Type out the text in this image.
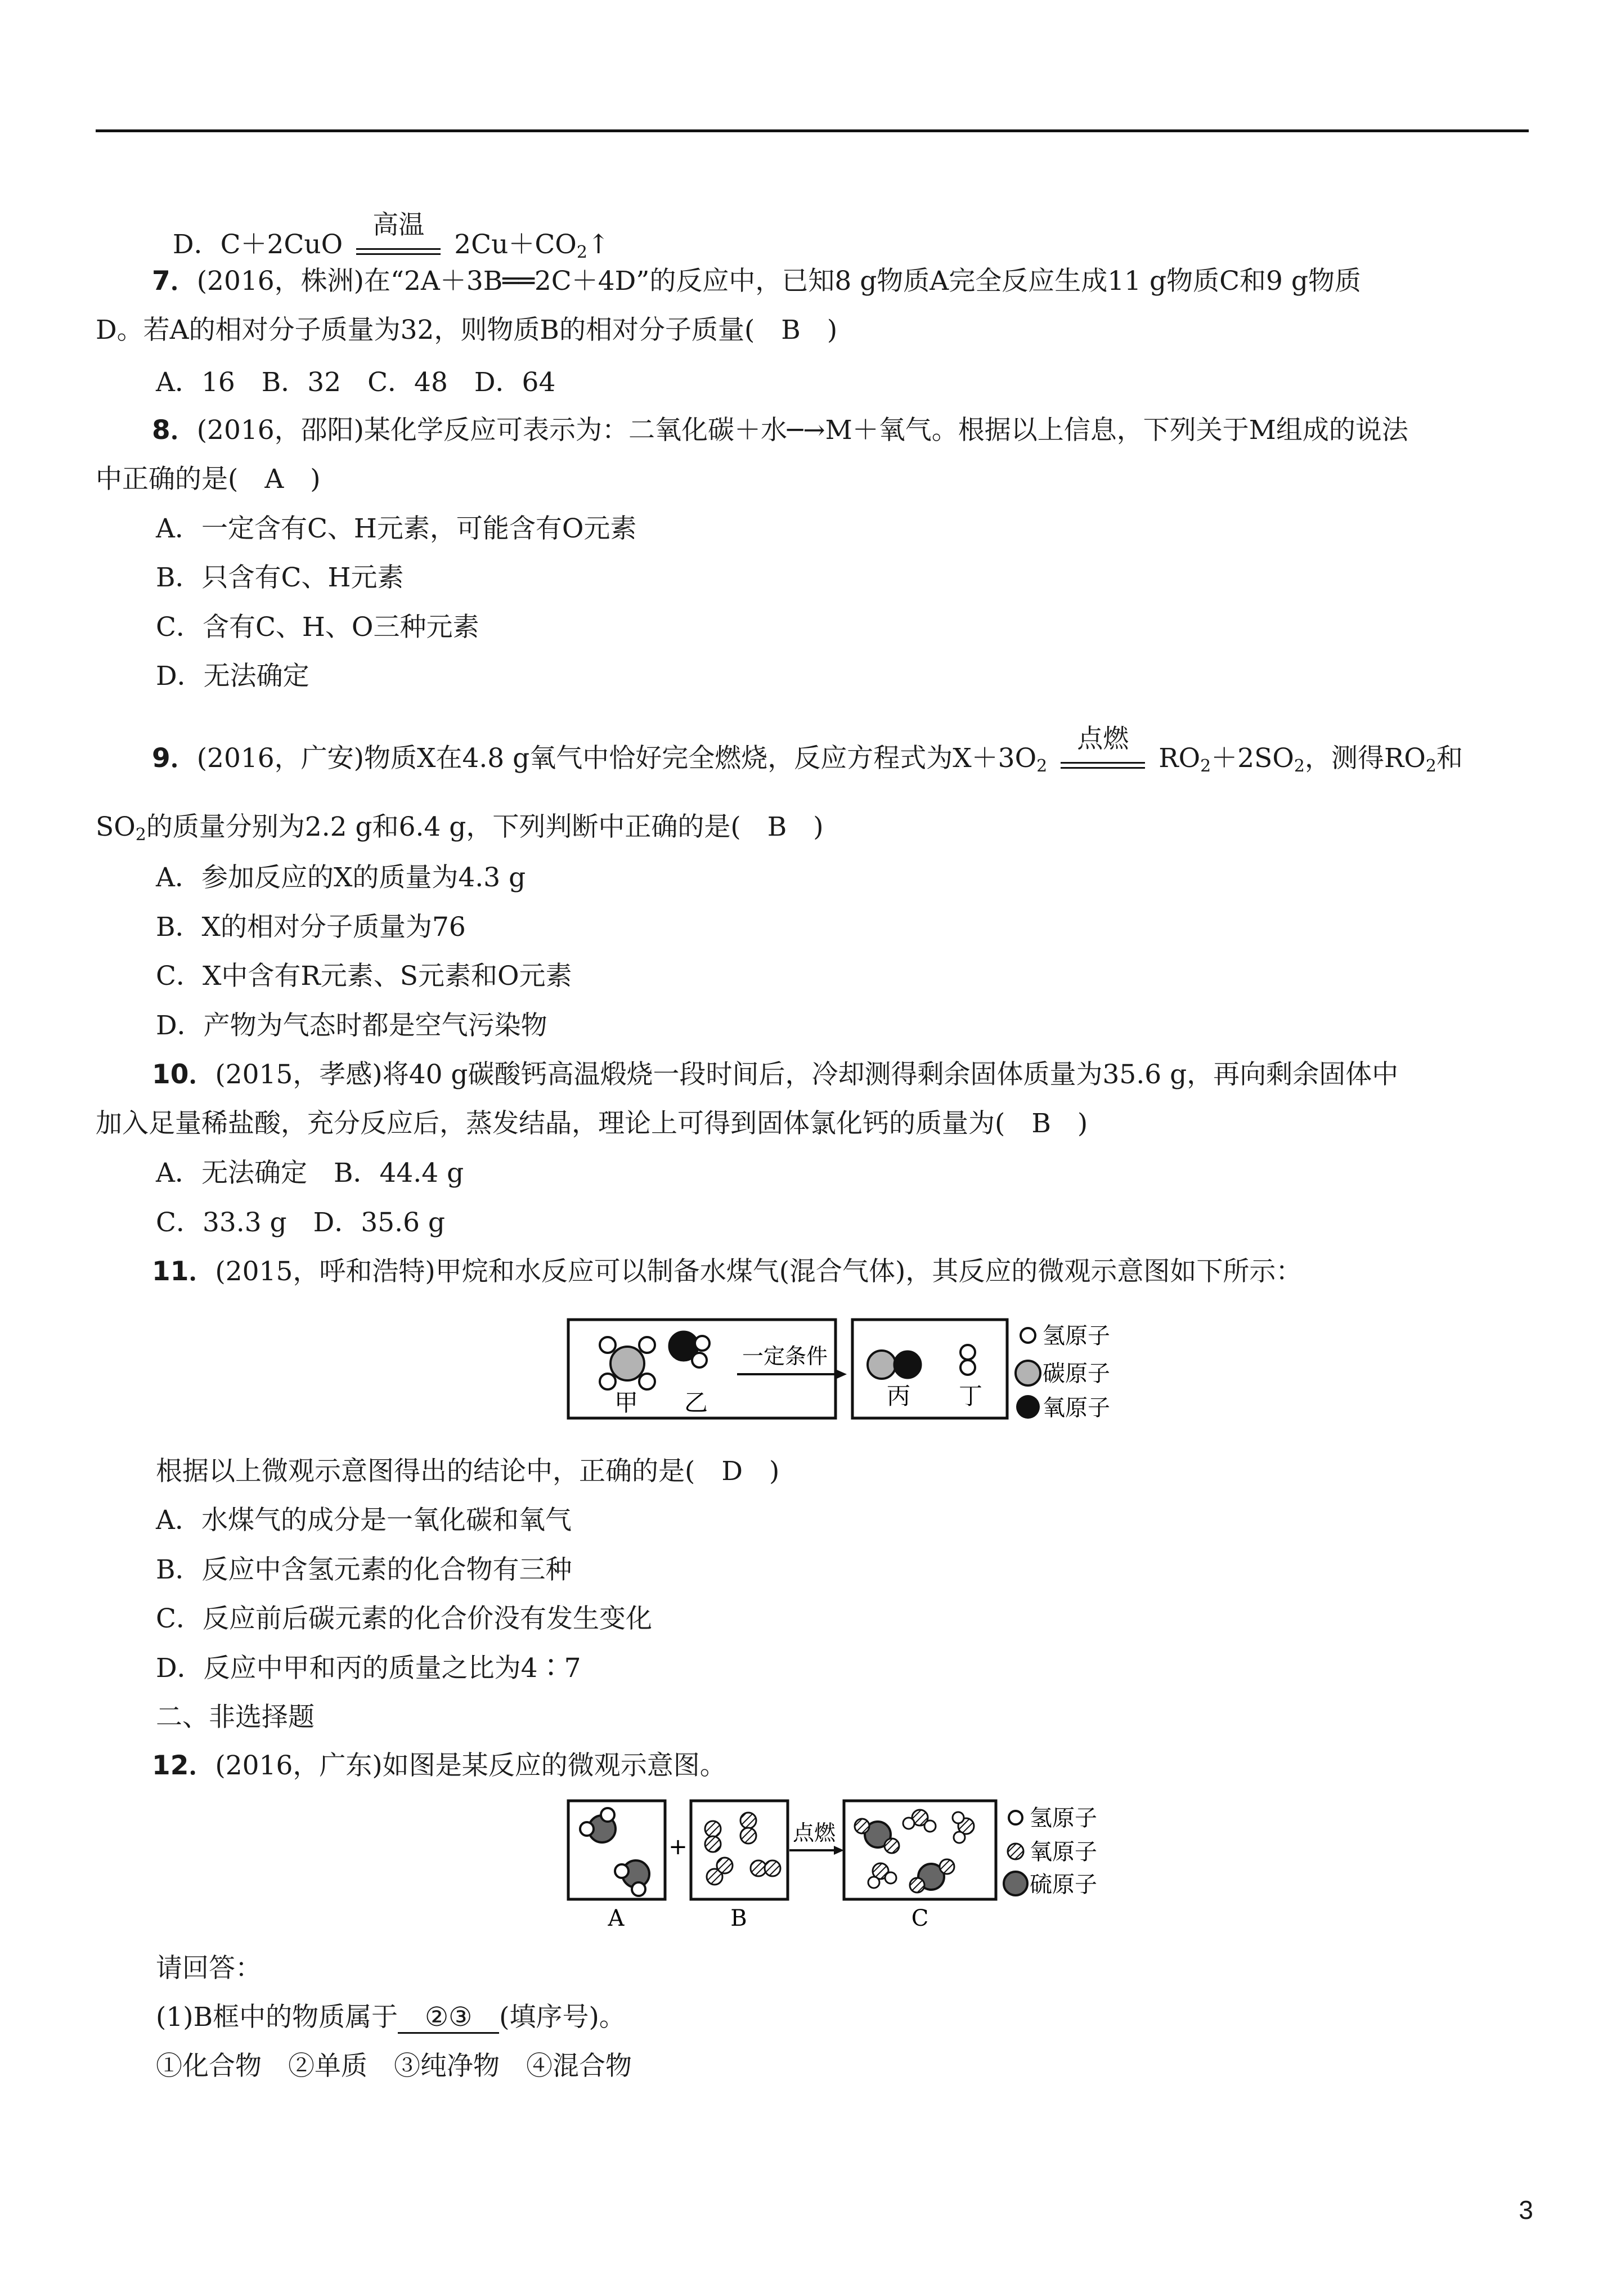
D．C＋2CuO
高温
$2Cu+CO_2↑$

7．(2016，株洲)在“2A＋3B══2C＋4D”的反应中，已知8 g物质A完全反应生成11 g物质C和9 g物质
D。若A的相对分子质量为32，则物质B的相对分子质量(　B　)
A．16　B．32　C．48　D．64
8．(2016，邵阳)某化学反应可表示为：二氧化碳＋水─→M＋氧气。根据以上信息，下列关于M组成的说法
中正确的是(　A　)
A．一定含有C、H元素，可能含有O元素
B．只含有C、H元素
C．含有C、H、O三种元素
D．无法确定
9．(2016，广安)物质X在4.8 g氧气中恰好完全燃烧，反应方程式为$X+3O_2$
点燃
$RO_2+2SO_2$，测得$RO_2$和
$SO_2$的质量分别为2.2 g和6.4 g，下列判断中正确的是(　B　)
A．参加反应的X的质量为4.3 g
B．X的相对分子质量为76
C．X中含有R元素、S元素和O元素
D．产物为气态时都是空气污染物
10．(2015，孝感)将40 g碳酸钙高温煅烧一段时间后，冷却测得剩余固体质量为35.6 g，再向剩余固体中
加入足量稀盐酸，充分反应后，蒸发结晶，理论上可得到固体氯化钙的质量为(　B　)
A．无法确定　B．44.4 g
C．33.3 g　D．35.6 g
11．(2015，呼和浩特)甲烷和水反应可以制备水煤气(混合气体)，其反应的微观示意图如下所示：
甲 乙
一定条件
丙 丁
氢原子
碳原子
氧原子
根据以上微观示意图得出的结论中，正确的是(　D　)
A．水煤气的成分是一氧化碳和氧气
B．反应中含氢元素的化合物有三种
C．反应前后碳元素的化合价没有发生变化
D．反应中甲和丙的质量之比为4∶7
二、非选择题
12．(2016，广东)如图是某反应的微观示意图。
+
点燃
A	B	C
氢原子
氧原子
硫原子
请回答：
(1)B框中的物质属于 ②③ (填序号)。
①化合物　②单质　③纯净物　④混合物
3
